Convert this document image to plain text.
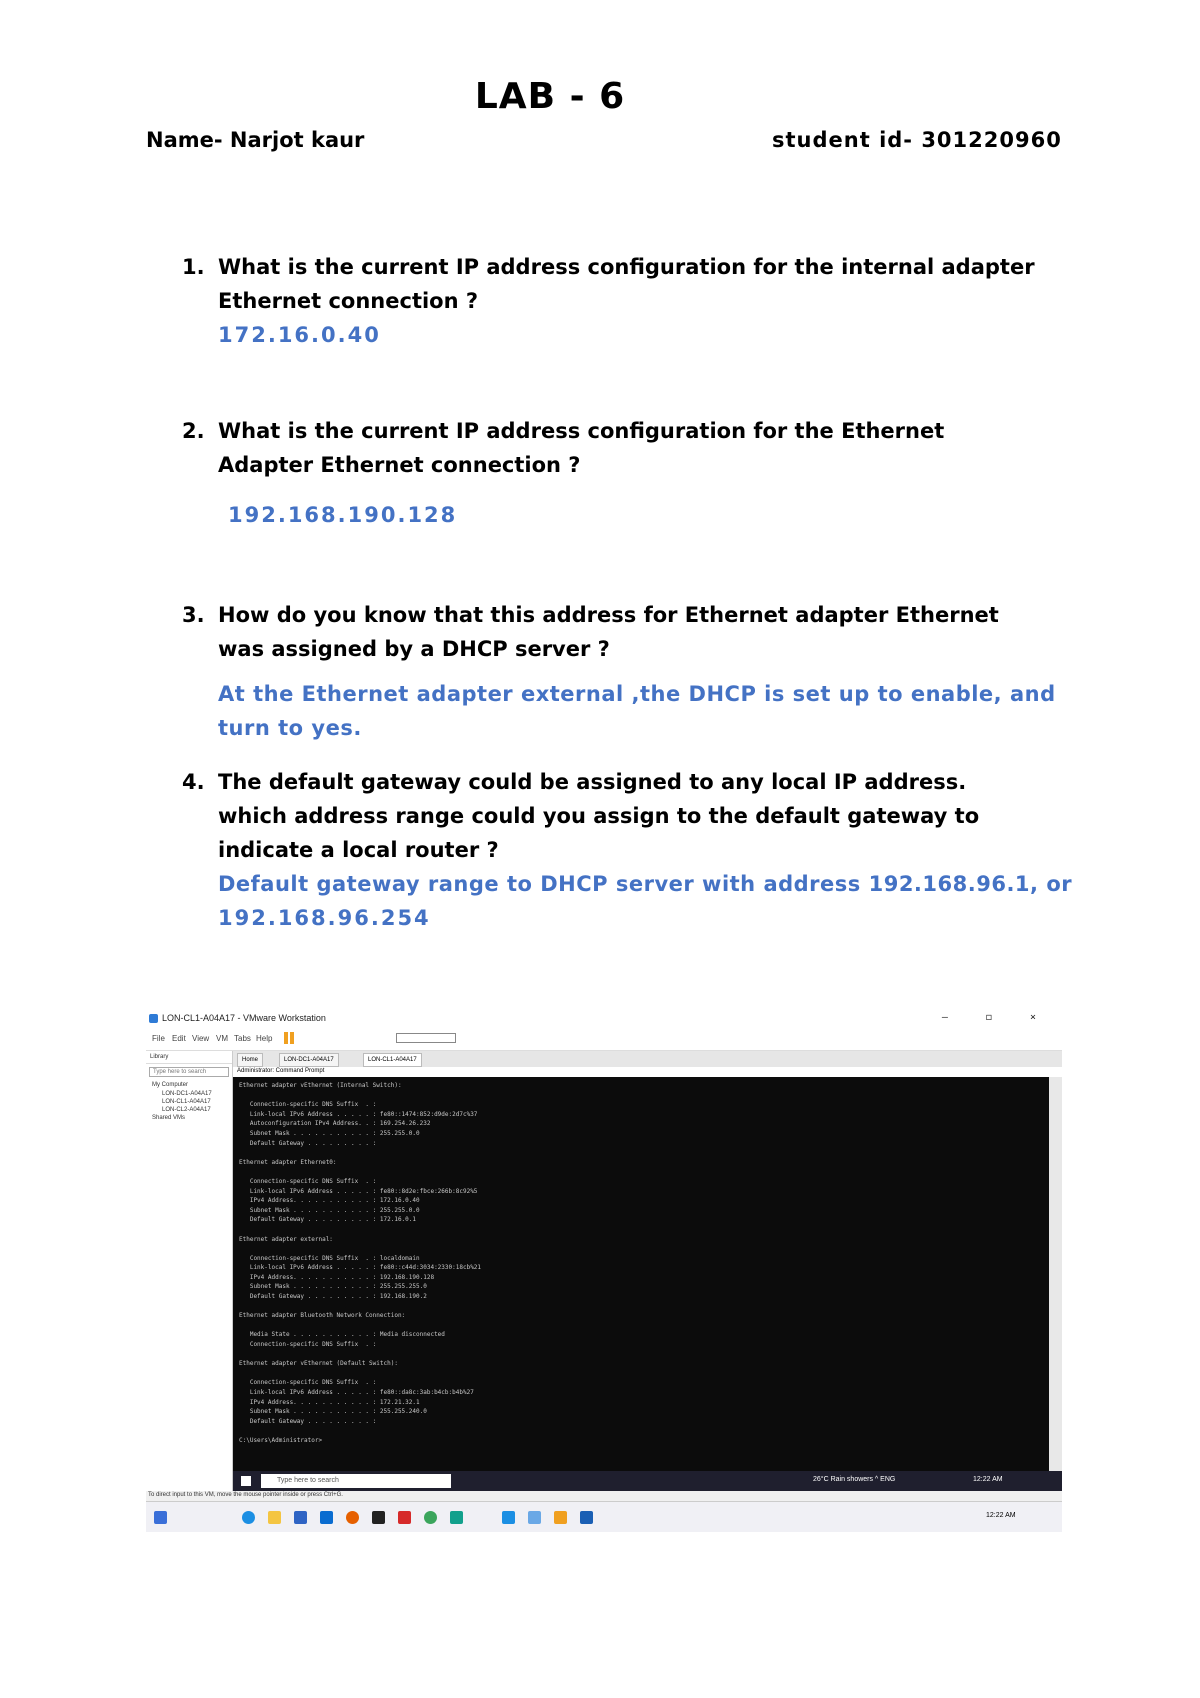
LAB - 6
Name- Narjot kaur	student id- 301220960
1. What is the current IP address configuration for the internal adapter
Ethernet connection ?
172.16.0.40
2. What is the current IP address configuration for the Ethernet
Adapter Ethernet connection ?
192.168.190.128
3. How do you know that this address for Ethernet adapter Ethernet
was assigned by a DHCP server ?
At the Ethernet adapter external ,the DHCP is set up to enable, and
turn to yes.
4. The default gateway could be assigned to any local IP address.
which address range could you assign to the default gateway to
indicate a local router ?
Default gateway range to DHCP server with address 192.168.96.1, or
192.168.96.254
LON-CL1-A04A17 - VMware Workstation	– ◻ ×
File Edit View VM Tabs Help
Library
Type here to search
My Computer
LON-DC1-A04A17
LON-CL1-A04A17
LON-CL2-A04A17
Shared VMs
Home	LON-DC1-A04A17	LON-CL1-A04A17
Administrator: Command Prompt
Ethernet adapter vEthernet (Internal Switch):

Connection-specific DNS Suffix  . :
Link-local IPv6 Address . . . . . : fe80::1474:852:d9de:2d7c%37
Autoconfiguration IPv4 Address. . : 169.254.26.232
Subnet Mask . . . . . . . . . . . : 255.255.0.0
Default Gateway . . . . . . . . . :

Ethernet adapter Ethernet0:

Connection-specific DNS Suffix  . :
Link-local IPv6 Address . . . . . : fe80::8d2e:fbce:266b:8c92%5
IPv4 Address. . . . . . . . . . . : 172.16.0.40
Subnet Mask . . . . . . . . . . . : 255.255.0.0
Default Gateway . . . . . . . . . : 172.16.0.1

Ethernet adapter external:

Connection-specific DNS Suffix  . : localdomain
Link-local IPv6 Address . . . . . : fe80::c44d:3034:2330:18cb%21
IPv4 Address. . . . . . . . . . . : 192.168.190.128
Subnet Mask . . . . . . . . . . . : 255.255.255.0
Default Gateway . . . . . . . . . : 192.168.190.2

Ethernet adapter Bluetooth Network Connection:

Media State . . . . . . . . . . . : Media disconnected
Connection-specific DNS Suffix  . :

Ethernet adapter vEthernet (Default Switch):

Connection-specific DNS Suffix  . :
Link-local IPv6 Address . . . . . : fe80::da8c:3ab:b4cb:b4b%27
IPv4 Address. . . . . . . . . . . : 172.21.32.1
Subnet Mask . . . . . . . . . . . : 255.255.240.0
Default Gateway . . . . . . . . . :

C:\Users\Administrator>
Type here to search	26°C Rain showers ^ ENG	12:22 AM
To direct input to this VM, move the mouse pointer inside or press Ctrl+G.
12:22 AM
